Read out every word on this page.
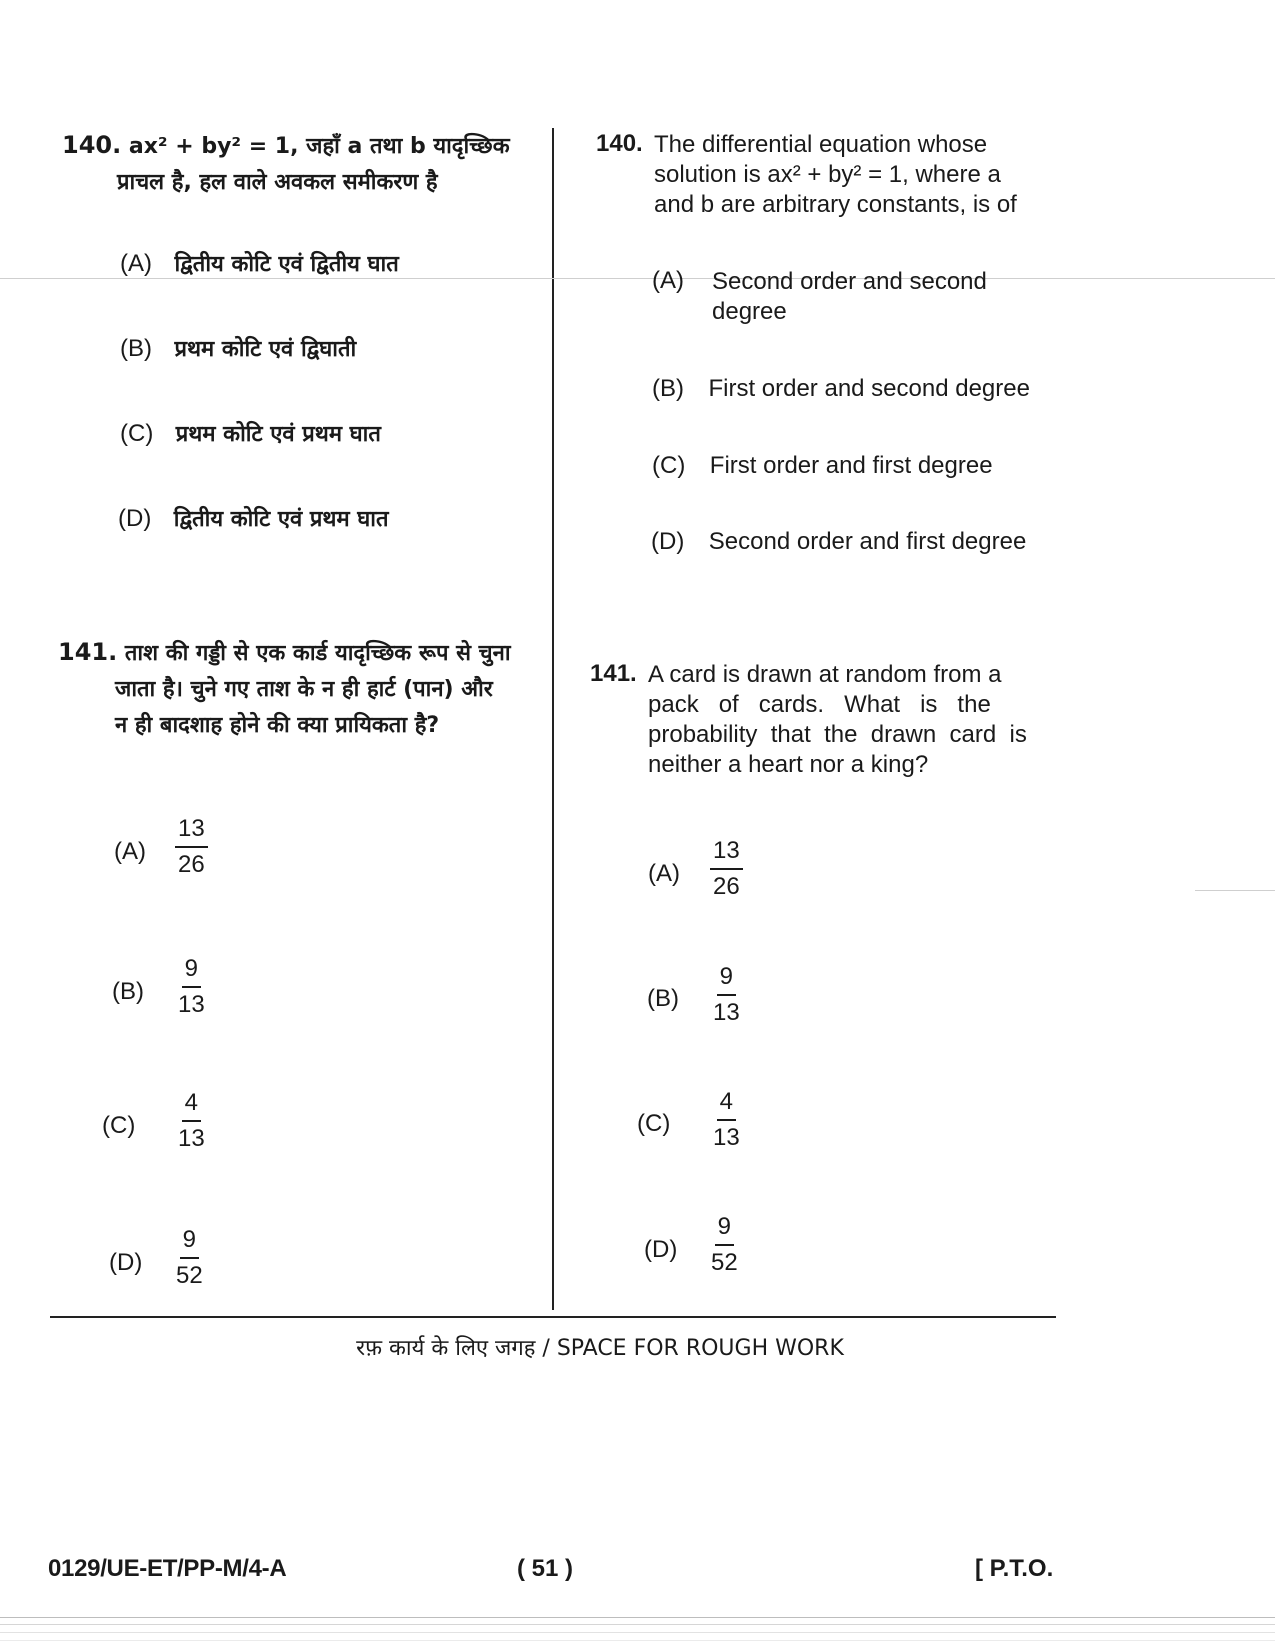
140. ax² + by² = 1, जहाँ a तथा b यादृच्छिक
प्राचल है, हल वाले अवकल समीकरण है
(A) द्वितीय कोटि एवं द्वितीय घात
(B) प्रथम कोटि एवं द्विघाती
(C) प्रथम कोटि एवं प्रथम घात
(D) द्वितीय कोटि एवं प्रथम घात
140. The differential equation whose
solution is ax² + by² = 1, where a
and b are arbitrary constants, is of
(A) Second order and second
degree
(B) First order and second degree
(C) First order and first degree
(D) Second order and first degree
141. ताश की गड्डी से एक कार्ड यादृच्छिक रूप से चुना
जाता है। चुने गए ताश के न ही हार्ट (पान) और
न ही बादशाह होने की क्या प्रायिकता है?
$(A) \frac{13}{26}$
$(B) \frac{9}{13}$
$(C) \frac{4}{13}$
$(D) \frac{9}{52}$
141. A card is drawn at random from a
pack   of   cards.   What   is   the
probability  that  the  drawn  card  is
neither a heart nor a king?
$(A) \frac{13}{26}$
$(B) \frac{9}{13}$
$(C) \frac{4}{13}$
$(D) \frac{9}{52}$
रफ़ कार्य के लिए जगह / SPACE FOR ROUGH WORK
0129/UE-ET/PP-M/4-A	( 51 )	[ P.T.O.
